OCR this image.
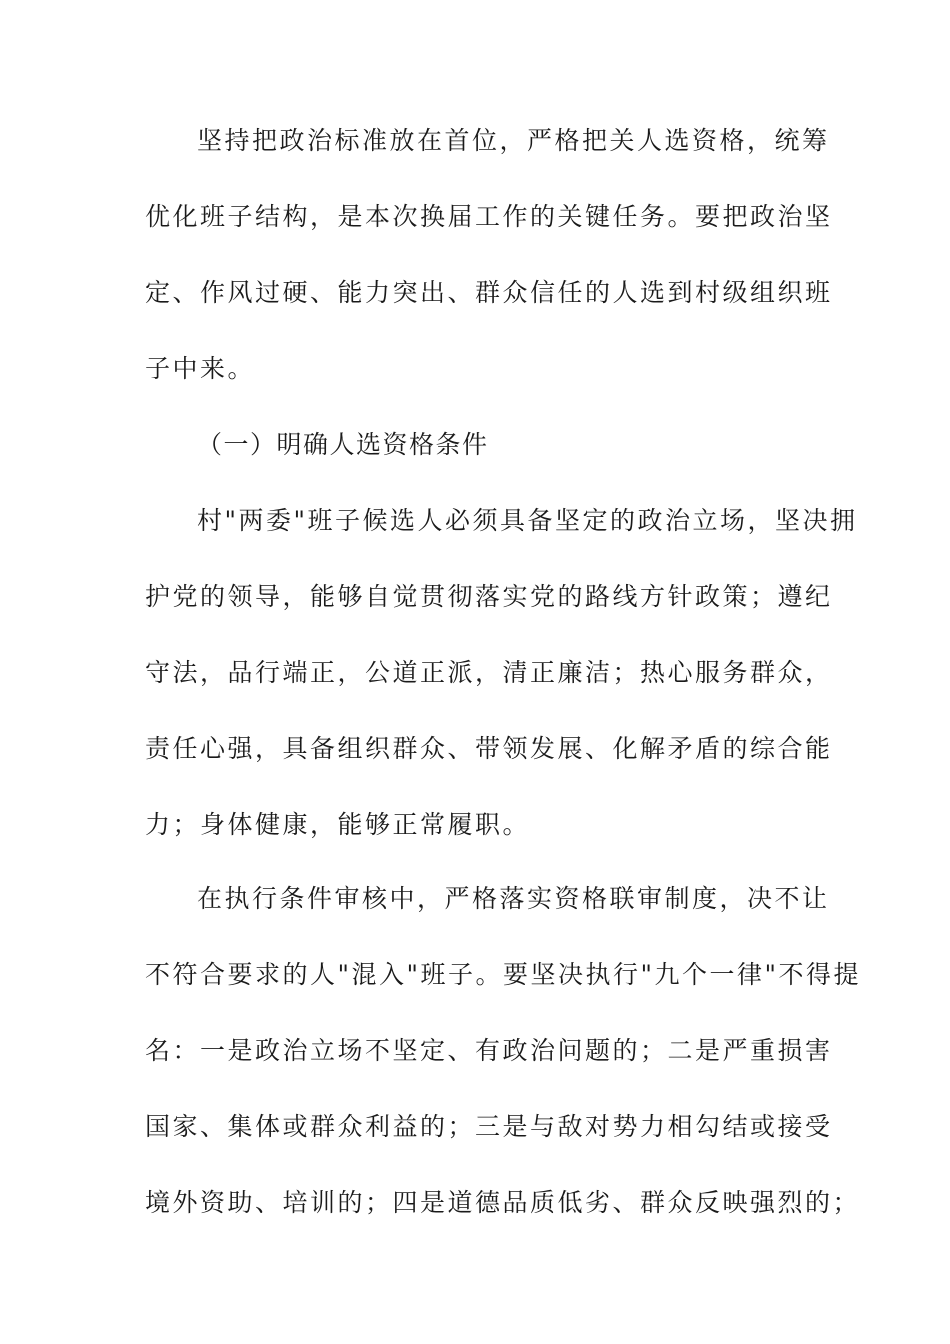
坚持把政治标准放在首位，严格把关人选资格，统筹
优化班子结构，是本次换届工作的关键任务。要把政治坚
定、作风过硬、能力突出、群众信任的人选到村级组织班
子中来。
（一）明确人选资格条件
村"两委"班子候选人必须具备坚定的政治立场，坚决拥
护党的领导，能够自觉贯彻落实党的路线方针政策；遵纪
守法，品行端正，公道正派，清正廉洁；热心服务群众，
责任心强，具备组织群众、带领发展、化解矛盾的综合能
力；身体健康，能够正常履职。
在执行条件审核中，严格落实资格联审制度，决不让
不符合要求的人"混入"班子。要坚决执行"九个一律"不得提
名：一是政治立场不坚定、有政治问题的；二是严重损害
国家、集体或群众利益的；三是与敌对势力相勾结或接受
境外资助、培训的；四是道德品质低劣、群众反映强烈的；
